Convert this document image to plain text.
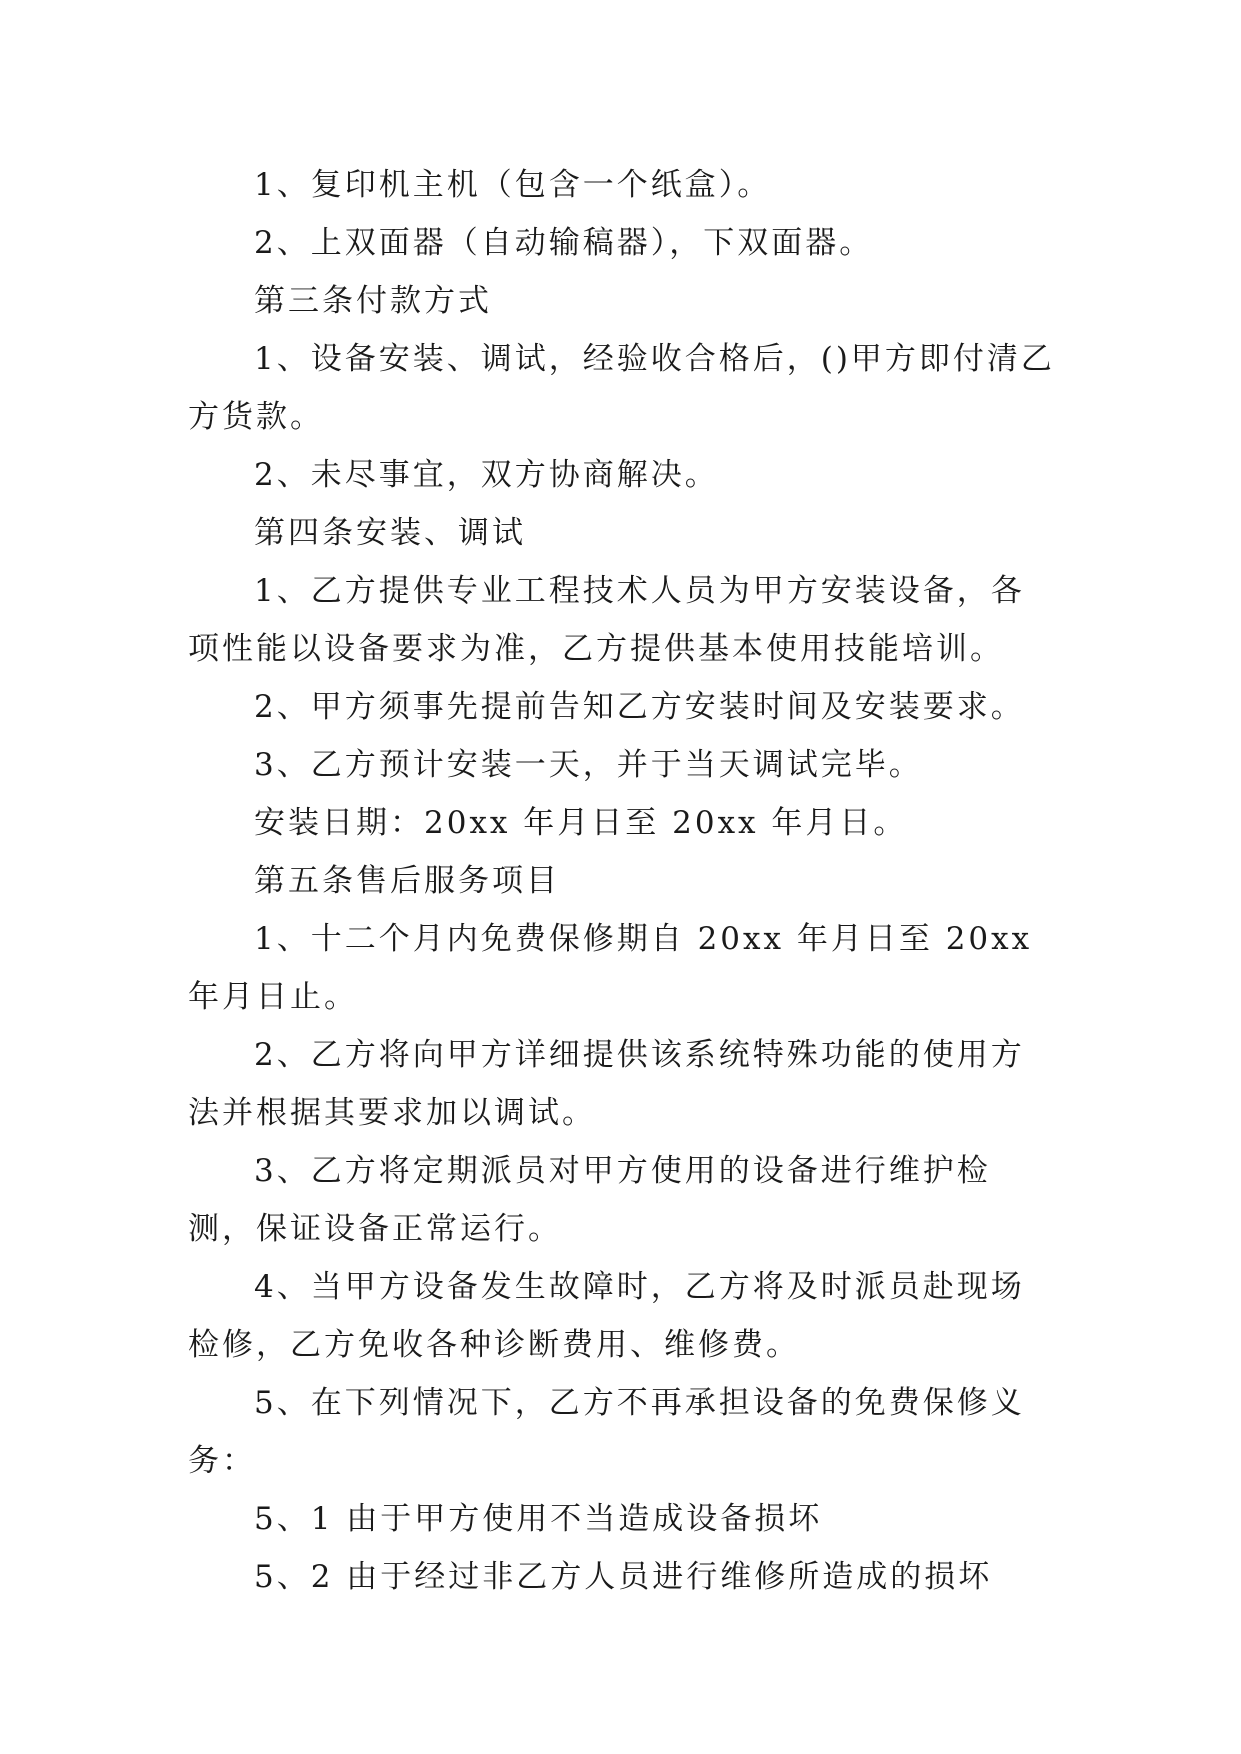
1、复印机主机（包含一个纸盒）。

2、上双面器（自动输稿器），下双面器。

第三条付款方式

1、设备安装、调试，经验收合格后，()甲方即付清乙方货款。

2、未尽事宜，双方协商解决。

第四条安装、调试

1、乙方提供专业工程技术人员为甲方安装设备，各项性能以设备要求为准，乙方提供基本使用技能培训。

2、甲方须事先提前告知乙方安装时间及安装要求。

3、乙方预计安装一天，并于当天调试完毕。

安装日期：20xx 年月日至 20xx 年月日。

第五条售后服务项目

1、十二个月内免费保修期自 20xx 年月日至 20xx 年月日止。

2、乙方将向甲方详细提供该系统特殊功能的使用方法并根据其要求加以调试。

3、乙方将定期派员对甲方使用的设备进行维护检测，保证设备正常运行。

4、当甲方设备发生故障时，乙方将及时派员赴现场检修，乙方免收各种诊断费用、维修费。

5、在下列情况下，乙方不再承担设备的免费保修义务：

5、1 由于甲方使用不当造成设备损坏

5、2 由于经过非乙方人员进行维修所造成的损坏
